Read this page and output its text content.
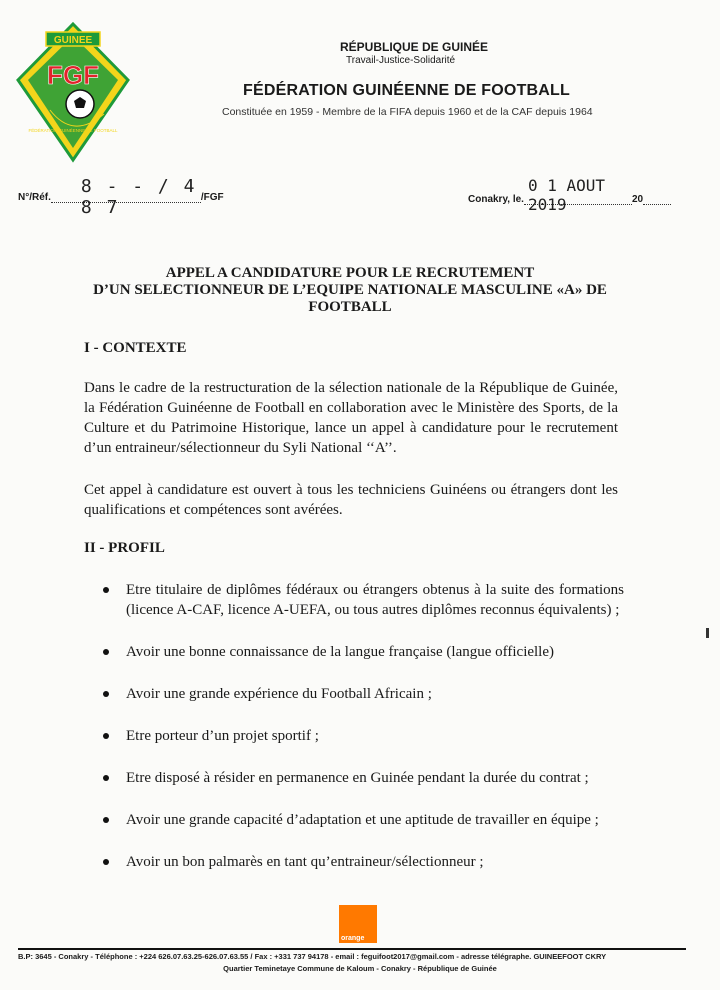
GUINEE
FGF
FÉDÉRATION GUINÉENNE DE FOOTBALL
RÉPUBLIQUE DE GUINÉE
Travail-Justice-Solidarité
FÉDÉRATION GUINÉENNE DE FOOTBALL
Constituée en 1959 - Membre de la FIFA depuis 1960 et de la CAF depuis 1964
N°/Réf.
8 - - / 4 8 7	/FGF	Conakry, le.
0 1 AOUT 2019	20
APPEL A CANDIDATURE POUR LE RECRUTEMENT
D’UN SELECTIONNEUR DE L’EQUIPE NATIONALE MASCULINE «A» DE
FOOTBALL
I - CONTEXTE
Dans le cadre de la restructuration de la sélection nationale de la République de Guinée, la Fédération Guinéenne de Football en collaboration avec le Ministère des Sports, de la Culture et du Patrimoine Historique, lance un appel à candidature pour le recrutement d’un entraineur/sélectionneur du Syli National ‘‘A’’.
Cet appel à candidature est ouvert à tous les techniciens Guinéens ou étrangers dont les qualifications et compétences sont avérées.
II - PROFIL
Etre titulaire de diplômes fédéraux ou étrangers obtenus à la suite des formations (licence A-CAF, licence A-UEFA, ou tous autres diplômes reconnus équivalents) ;
Avoir une bonne connaissance de la langue française (langue officielle)
Avoir une grande expérience du Football Africain ;
Etre porteur d’un projet sportif ;
Etre disposé à résider en permanence en Guinée pendant la durée du contrat ;
Avoir une grande capacité d’adaptation et une aptitude de travailler en équipe ;
Avoir un bon palmarès en tant qu’entraineur/sélectionneur ;
orange
B.P: 3645 - Conakry - Téléphone : +224 626.07.63.25-626.07.63.55 / Fax : +331 737 94178 - email : feguifoot2017@gmail.com - adresse télégraphe. GUINEEFOOT CKRY
Quartier Teminetaye Commune de Kaloum - Conakry - République de Guinée
